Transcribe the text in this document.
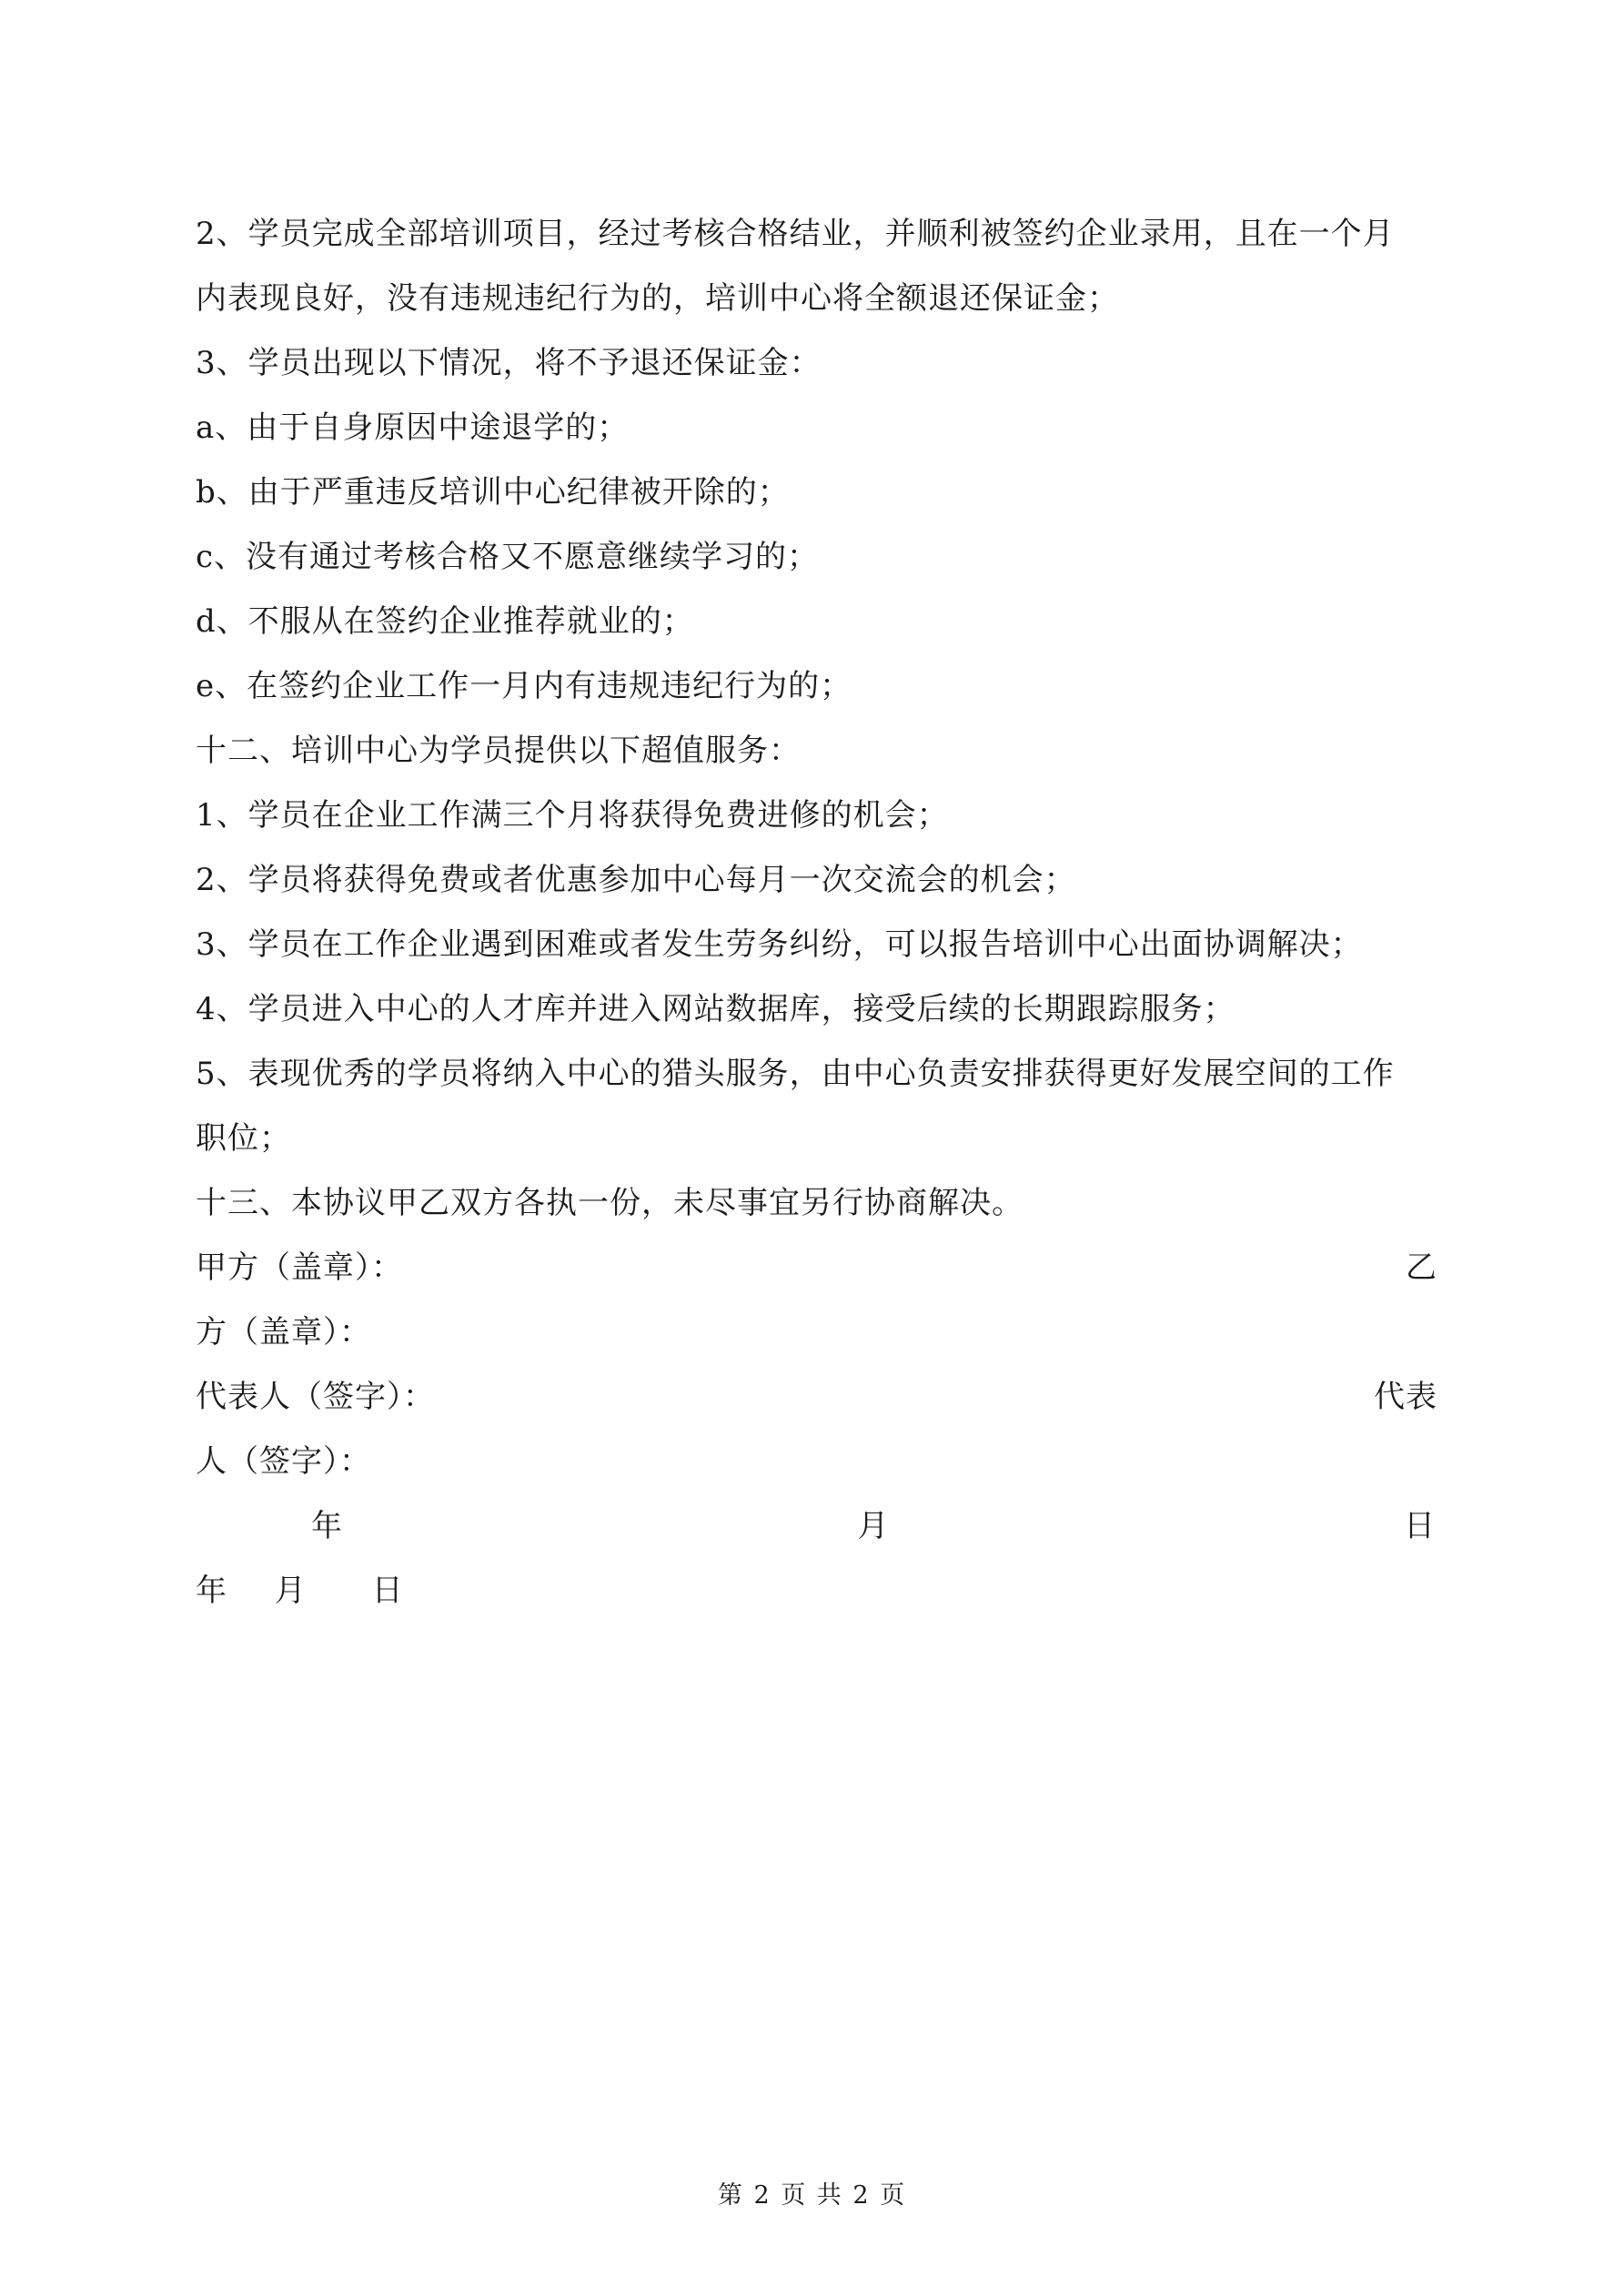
2、学员完成全部培训项目，经过考核合格结业，并顺利被签约企业录用，且在一个月
内表现良好，没有违规违纪行为的，培训中心将全额退还保证金；
3、学员出现以下情况，将不予退还保证金：
a、由于自身原因中途退学的；
b、由于严重违反培训中心纪律被开除的；
c、没有通过考核合格又不愿意继续学习的；
d、不服从在签约企业推荐就业的；
e、在签约企业工作一月内有违规违纪行为的；
十二、培训中心为学员提供以下超值服务：
1、学员在企业工作满三个月将获得免费进修的机会；
2、学员将获得免费或者优惠参加中心每月一次交流会的机会；
3、学员在工作企业遇到困难或者发生劳务纠纷，可以报告培训中心出面协调解决；
4、学员进入中心的人才库并进入网站数据库，接受后续的长期跟踪服务；
5、表现优秀的学员将纳入中心的猎头服务，由中心负责安排获得更好发展空间的工作
职位；
十三、本协议甲乙双方各执一份，未尽事宜另行协商解决。
甲方（盖章）：	乙
方（盖章）：
代表人（签字）：	代表
人（签字）：
年	月	日
年 月 日
第 2 页 共 2 页
